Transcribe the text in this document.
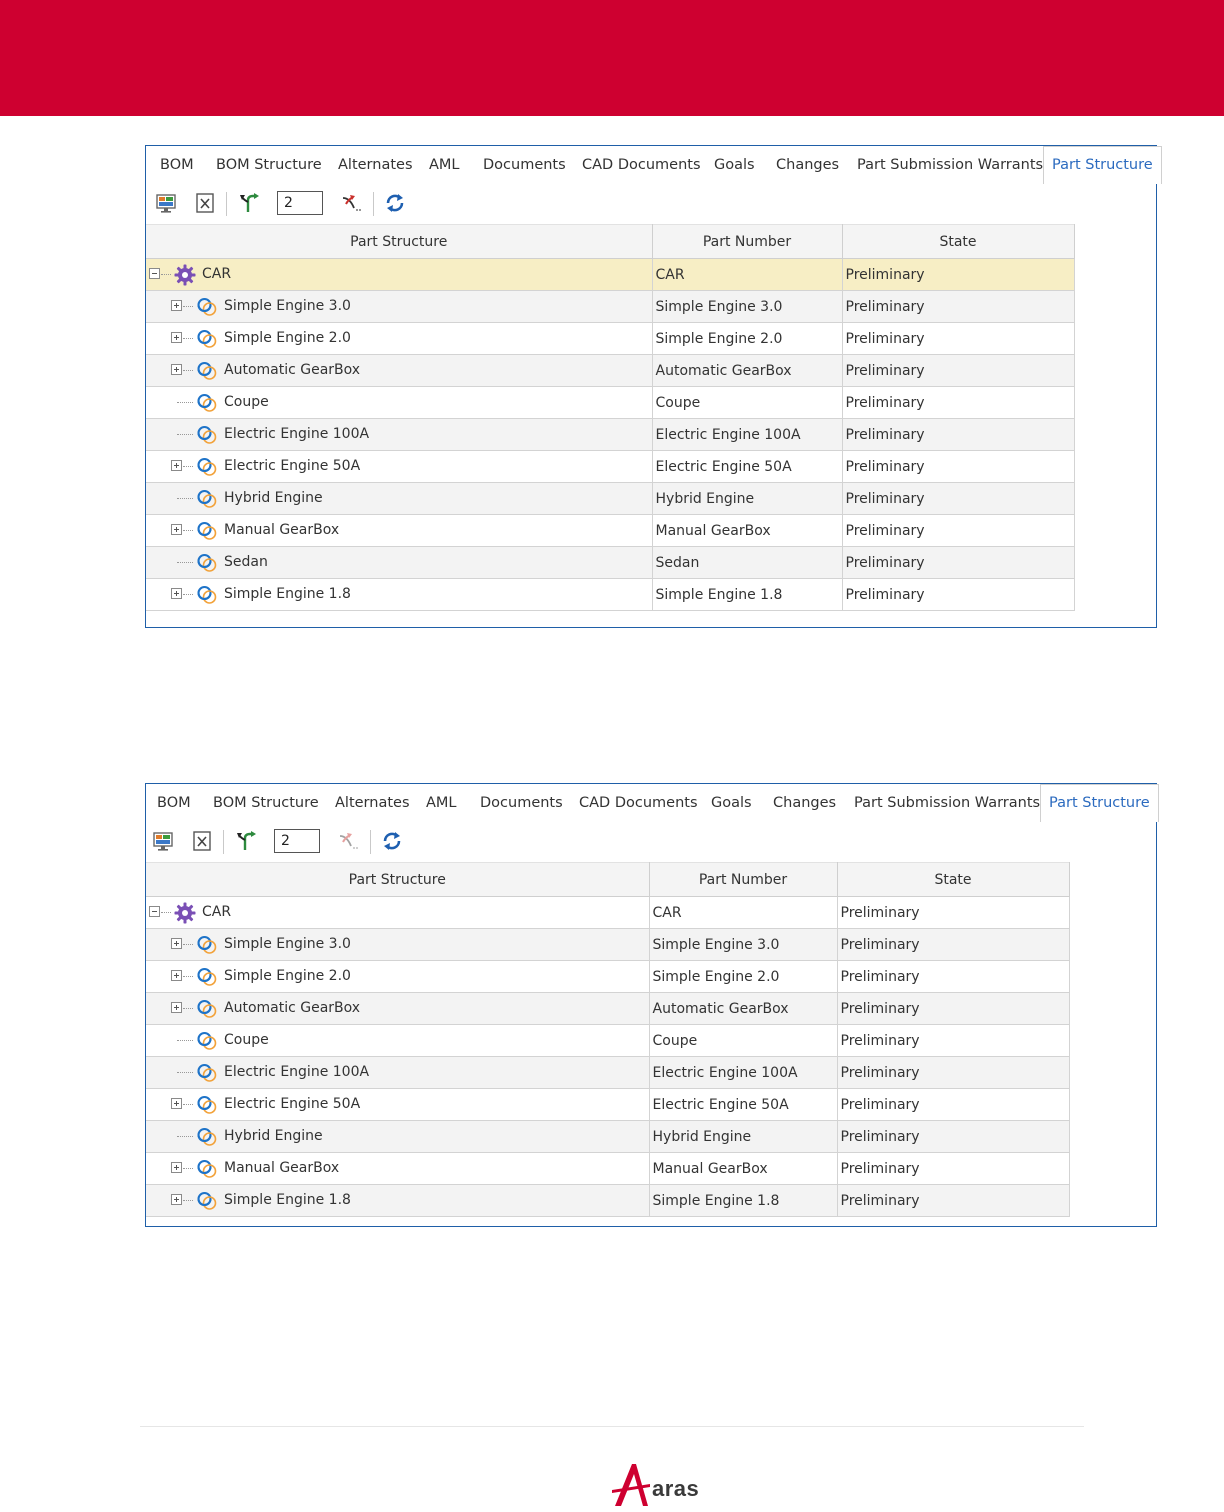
BOM BOM Structure Alternates AML Documents CAD Documents Goals Changes Part Submission Warrants Part Structure
2
Part Structure	Part Number	State

CAR	CAR	Preliminary

Simple Engine 3.0	Simple Engine 3.0	Preliminary

Simple Engine 2.0	Simple Engine 2.0	Preliminary

Automatic GearBox	Automatic GearBox	Preliminary

Coupe	Coupe	Preliminary

Electric Engine 100A	Electric Engine 100A	Preliminary

Electric Engine 50A	Electric Engine 50A	Preliminary

Hybrid Engine	Hybrid Engine	Preliminary

Manual GearBox	Manual GearBox	Preliminary

Sedan	Sedan	Preliminary

Simple Engine 1.8	Simple Engine 1.8	Preliminary
BOM BOM Structure Alternates AML Documents CAD Documents Goals Changes Part Submission Warrants Part Structure
2
Part Structure	Part Number	State

CAR	CAR	Preliminary

Simple Engine 3.0	Simple Engine 3.0	Preliminary

Simple Engine 2.0	Simple Engine 2.0	Preliminary

Automatic GearBox	Automatic GearBox	Preliminary

Coupe	Coupe	Preliminary

Electric Engine 100A	Electric Engine 100A	Preliminary

Electric Engine 50A	Electric Engine 50A	Preliminary

Hybrid Engine	Hybrid Engine	Preliminary

Manual GearBox	Manual GearBox	Preliminary

Simple Engine 1.8	Simple Engine 1.8	Preliminary
aras
